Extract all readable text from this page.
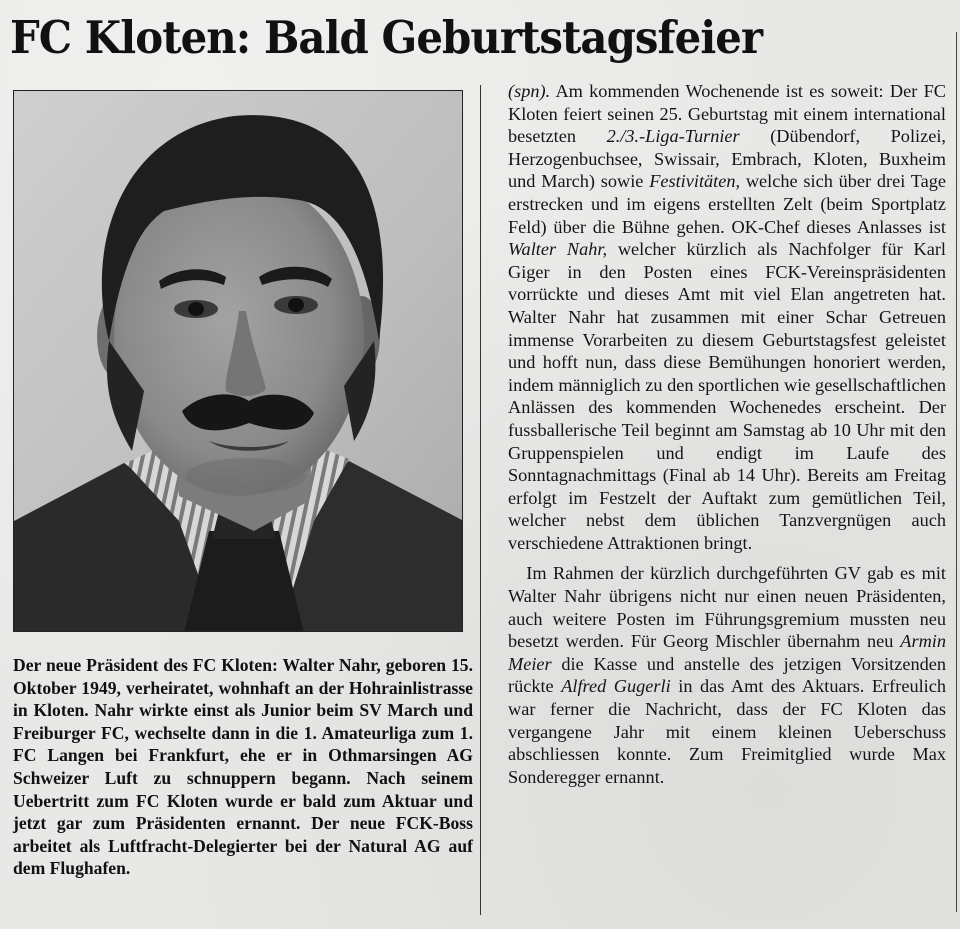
FC Kloten: Bald Geburtstagsfeier
Der neue Präsident des FC Kloten: Walter Nahr, geboren 15. Oktober 1949, verheiratet, wohnhaft an der Hohrainlistrasse in Kloten. Nahr wirkte einst als Junior beim SV March und Freiburger FC, wechselte dann in die 1. Amateurliga zum 1. FC Langen bei Frankfurt, ehe er in Othmarsingen AG Schweizer Luft zu schnuppern begann. Nach seinem Uebertritt zum FC Kloten wurde er bald zum Aktuar und jetzt gar zum Präsidenten ernannt. Der neue FCK-Boss arbeitet als Luftfracht-Delegierter bei der Natural AG auf dem Flughafen.

(spn). Am kommenden Wochenende ist es soweit: Der FC Kloten feiert seinen 25. Geburtstag mit einem international besetzten 2./3.-Liga-Turnier (Dübendorf, Polizei, Herzogenbuchsee, Swissair, Embrach, Kloten, Buxheim und March) sowie Festivitäten, welche sich über drei Tage erstrecken und im eigens erstellten Zelt (beim Sportplatz Feld) über die Bühne gehen. OK-Chef dieses Anlasses ist Walter Nahr, welcher kürzlich als Nachfolger für Karl Giger in den Posten eines FCK-Vereinspräsidenten vorrückte und dieses Amt mit viel Elan angetreten hat. Walter Nahr hat zusammen mit einer Schar Getreuen immense Vorarbeiten zu diesem Geburtstagsfest geleistet und hofft nun, dass diese Bemühungen honoriert werden, indem männiglich zu den sportlichen wie gesellschaftlichen Anlässen des kommenden Wochenedes erscheint. Der fussballerische Teil beginnt am Samstag ab 10 Uhr mit den Gruppenspielen und endigt im Laufe des Sonntagnachmittags (Final ab 14 Uhr). Bereits am Freitag erfolgt im Festzelt der Auftakt zum gemütlichen Teil, welcher nebst dem üblichen Tanzvergnügen auch verschiedene Attraktionen bringt.

 Im Rahmen der kürzlich durchgeführten GV gab es mit Walter Nahr übrigens nicht nur einen neuen Präsidenten, auch weitere Posten im Führungsgremium mussten neu besetzt werden. Für Georg Mischler übernahm neu Armin Meier die Kasse und anstelle des jetzigen Vorsitzenden rückte Alfred Gugerli in das Amt des Aktuars. Erfreulich war ferner die Nachricht, dass der FC Kloten das vergangene Jahr mit einem kleinen Ueberschuss abschliessen konnte. Zum Freimitglied wurde Max Sonderegger ernannt.
